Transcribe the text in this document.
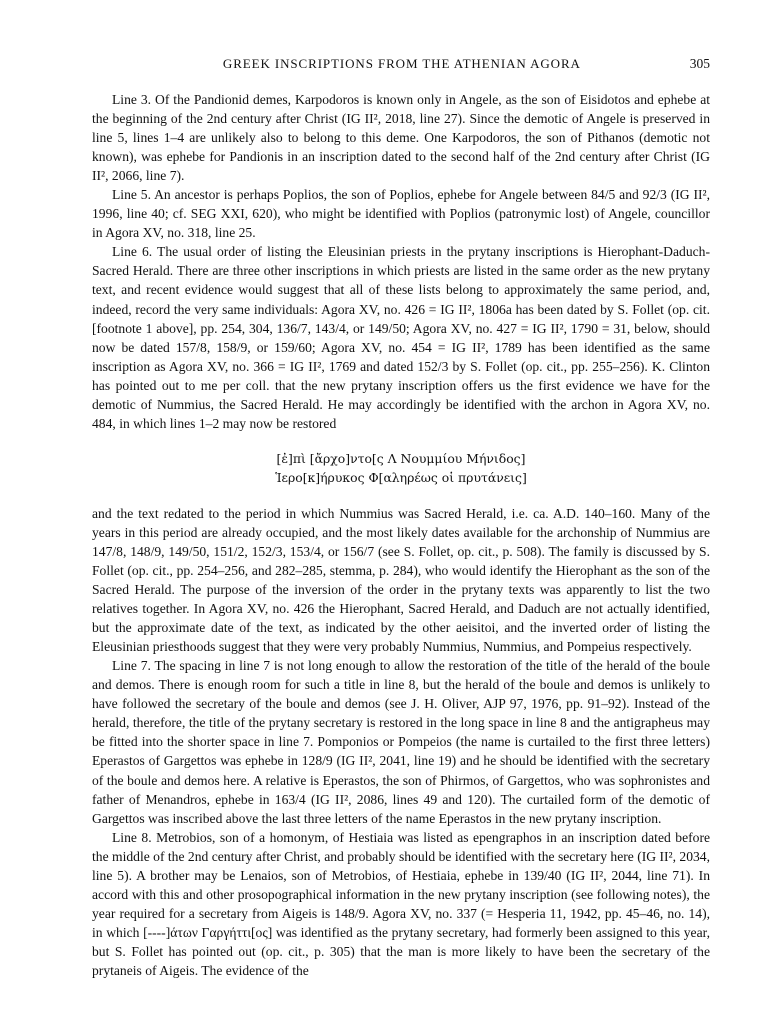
GREEK INSCRIPTIONS FROM THE ATHENIAN AGORA	305

Line 3. Of the Pandionid demes, Karpodoros is known only in Angele, as the son of Eisidotos and ephebe at the beginning of the 2nd century after Christ (IG II², 2018, line 27). Since the demotic of Angele is preserved in line 5, lines 1–4 are unlikely also to belong to this deme. One Karpodoros, the son of Pithanos (demotic not known), was ephebe for Pandionis in an inscription dated to the second half of the 2nd century after Christ (IG II², 2066, line 7).

Line 5. An ancestor is perhaps Poplios, the son of Poplios, ephebe for Angele between 84/5 and 92/3 (IG II², 1996, line 40; cf. SEG XXI, 620), who might be identified with Poplios (patronymic lost) of Angele, councillor in Agora XV, no. 318, line 25.

Line 6. The usual order of listing the Eleusinian priests in the prytany inscriptions is Hierophant-Daduch-Sacred Herald. There are three other inscriptions in which priests are listed in the same order as the new prytany text, and recent evidence would suggest that all of these lists belong to approximately the same period, and, indeed, record the very same individuals: Agora XV, no. 426 = IG II², 1806a has been dated by S. Follet (op. cit. [footnote 1 above], pp. 254, 304, 136/7, 143/4, or 149/50; Agora XV, no. 427 = IG II², 1790 = 31, below, should now be dated 157/8, 158/9, or 159/60; Agora XV, no. 454 = IG II², 1789 has been identified as the same inscription as Agora XV, no. 366 = IG II², 1769 and dated 152/3 by S. Follet (op. cit., pp. 255–256). K. Clinton has pointed out to me per coll. that the new prytany inscription offers us the first evidence we have for the demotic of Nummius, the Sacred Herald. He may accordingly be identified with the archon in Agora XV, no. 484, in which lines 1–2 may now be restored

[ἐ]πὶ [ἄρχο]ντο[ς Λ Νουμμίου Μήνιδος]
Ἱερο[κ]ήρυκος Φ[αληρέως οἱ πρυτάνεις]

and the text redated to the period in which Nummius was Sacred Herald, i.e. ca. A.D. 140–160. Many of the years in this period are already occupied, and the most likely dates available for the archonship of Nummius are 147/8, 148/9, 149/50, 151/2, 152/3, 153/4, or 156/7 (see S. Follet, op. cit., p. 508). The family is discussed by S. Follet (op. cit., pp. 254–256, and 282–285, stemma, p. 284), who would identify the Hierophant as the son of the Sacred Herald. The purpose of the inversion of the order in the prytany texts was apparently to list the two relatives together. In Agora XV, no. 426 the Hierophant, Sacred Herald, and Daduch are not actually identified, but the approximate date of the text, as indicated by the other aeisitoi, and the inverted order of listing the Eleusinian priesthoods suggest that they were very probably Nummius, Nummius, and Pompeius respectively.

Line 7. The spacing in line 7 is not long enough to allow the restoration of the title of the herald of the boule and demos. There is enough room for such a title in line 8, but the herald of the boule and demos is unlikely to have followed the secretary of the boule and demos (see J. H. Oliver, AJP 97, 1976, pp. 91–92). Instead of the herald, therefore, the title of the prytany secretary is restored in the long space in line 8 and the antigrapheus may be fitted into the shorter space in line 7. Pomponios or Pompeios (the name is curtailed to the first three letters) Eperastos of Gargettos was ephebe in 128/9 (IG II², 2041, line 19) and he should be identified with the secretary of the boule and demos here. A relative is Eperastos, the son of Phirmos, of Gargettos, who was sophronistes and father of Menandros, ephebe in 163/4 (IG II², 2086, lines 49 and 120). The curtailed form of the demotic of Gargettos was inscribed above the last three letters of the name Eperastos in the new prytany inscription.

Line 8. Metrobios, son of a homonym, of Hestiaia was listed as epengraphos in an inscription dated before the middle of the 2nd century after Christ, and probably should be identified with the secretary here (IG II², 2034, line 5). A brother may be Lenaios, son of Metrobios, of Hestiaia, ephebe in 139/40 (IG II², 2044, line 71). In accord with this and other prosopographical information in the new prytany inscription (see following notes), the year required for a secretary from Aigeis is 148/9. Agora XV, no. 337 (= Hesperia 11, 1942, pp. 45–46, no. 14), in which [----]άτων Γαργήττι[ος] was identified as the prytany secretary, had formerly been assigned to this year, but S. Follet has pointed out (op. cit., p. 305) that the man is more likely to have been the secretary of the prytaneis of Aigeis. The evidence of the
